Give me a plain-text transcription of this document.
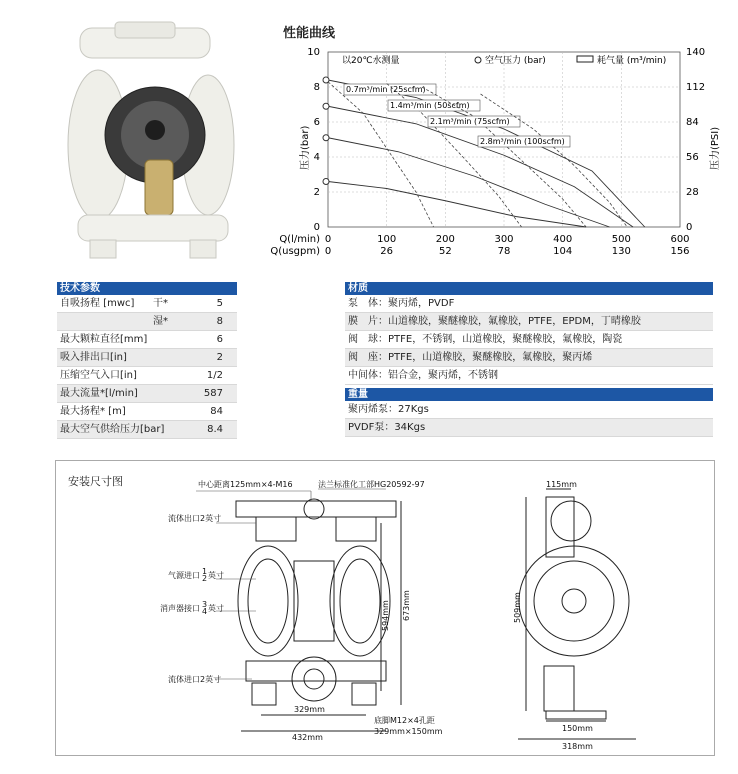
性能曲线
0	0
2	28
4	56
6	84
8	112
10	140
0
0
100
26
200
52
300
78
400
104
500
130
600
156
Q(l/min)
Q(usgpm)
压力(bar)	压力(PSI)
以20℃水测量	空气压力 (bar)	耗气量 (m³/min)
0.7m³/min (25scfm)
1.4m³/min (50scfm)
2.1m³/min (75scfm)
2.8m³/min (100scfm)
技术参数
自吸扬程 [mwc]	干*	5
湿*	8
最大颗粒直径[mm]	6
吸入排出口[in]	2
压缩空气入口[in]	1/2
最大流量*[l/min]	587
最大扬程* [m]	84
最大空气供给压力[bar]	8.4
材质
泵　体：聚丙烯，PVDF
膜　片：山道橡胶，聚醚橡胶，氟橡胶，PTFE，EPDM，丁晴橡胶
阀　球：PTFE，不锈钢，山道橡胶，聚醚橡胶，氟橡胶，陶瓷
阀　座：PTFE，山道橡胶，聚醚橡胶，氟橡胶，聚丙烯
中间体：铝合金，聚丙烯，不锈钢
重量
聚丙烯泵：27Kgs
PVDF泵：34Kgs
安装尺寸图	中心距离125mm×4-M16	法兰标准化工部HG20592-97
流体出口2英寸
气源进口 1
2 英寸
消声器接口 3
4 英寸
流体进口2英寸
329mm
432mm
底脚M12×4孔距
329mm×150mm
594mm 673mm
115mm
509mm
150mm
318mm
